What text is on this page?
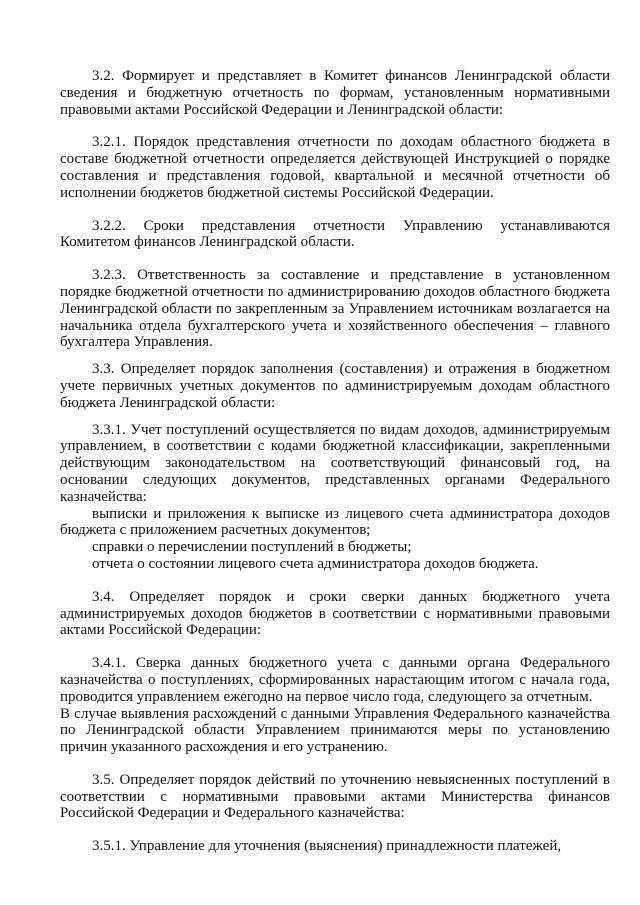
3.2. Формирует и представляет в Комитет финансов Ленинградской области сведения и бюджетную отчетность по формам, установленным нормативными правовыми актами Российской Федерации и Ленинградской области:

3.2.1. Порядок представления отчетности по доходам областного бюджета в составе бюджетной отчетности определяется действующей Инструкцией о порядке составления и представления годовой, квартальной и месячной отчетности об исполнении бюджетов бюджетной системы Российской Федерации.

3.2.2. Сроки представления отчетности Управлению устанавливаются Комитетом финансов Ленинградской области.

3.2.3. Ответственность за составление и представление в установленном порядке бюджетной отчетности по администрированию доходов областного бюджета Ленинградской области по закрепленным за Управлением источникам возлагается на начальника отдела бухгалтерского учета и хозяйственного обеспечения – главного бухгалтера Управления.

3.3. Определяет порядок заполнения (составления) и отражения в бюджетном учете первичных учетных документов по администрируемым доходам областного бюджета Ленинградской области:

3.3.1. Учет поступлений осуществляется по видам доходов, администрируемым управлением, в соответствии с кодами бюджетной классификации, закрепленными действующим законодательством на соответствующий финансовый год, на основании следующих документов, представленных органами Федерального казначейства:

выписки и приложения к выписке из лицевого счета администратора доходов бюджета с приложением расчетных документов;

справки о перечислении поступлений в бюджеты;

отчета о состоянии лицевого счета администратора доходов бюджета.

3.4. Определяет порядок и сроки сверки данных бюджетного учета администрируемых доходов бюджетов в соответствии с нормативными правовыми актами Российской Федерации:

3.4.1. Сверка данных бюджетного учета с данными органа Федерального казначейства о поступлениях, сформированных нарастающим итогом с начала года, проводится управлением ежегодно на первое число года, следующего за отчетным.

В случае выявления расхождений с данными Управления Федерального казначейства по Ленинградской области Управлением принимаются меры по установлению причин указанного расхождения и его устранению.

3.5. Определяет порядок действий по уточнению невыясненных поступлений в соответствии с нормативными правовыми актами Министерства финансов Российской Федерации и Федерального казначейства:

3.5.1. Управление для уточнения (выяснения) принадлежности платежей,
